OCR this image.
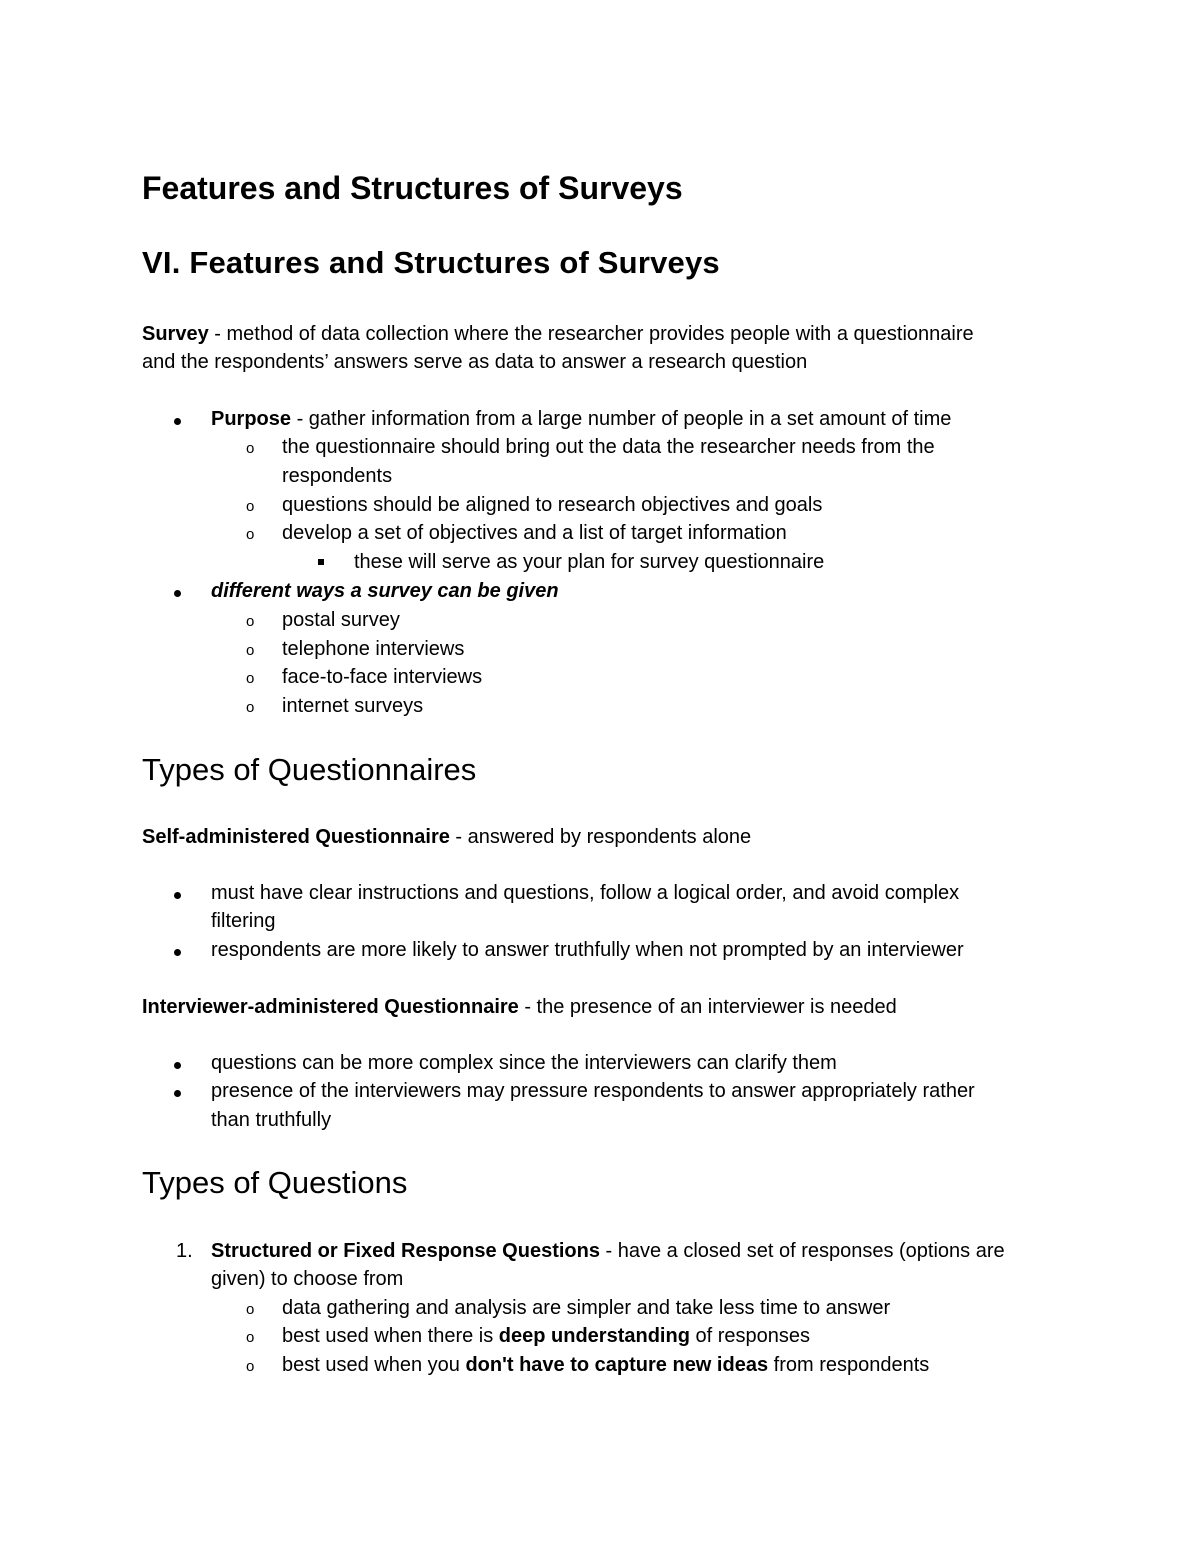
Features and Structures of Surveys
VI. Features and Structures of Surveys
Survey - method of data collection where the researcher provides people with a questionnaire
and the respondents’ answers serve as data to answer a research question
Purpose - gather information from a large number of people in a set amount of time
o the questionnaire should bring out the data the researcher needs from the
respondents
o questions should be aligned to research objectives and goals
o develop a set of objectives and a list of target information
these will serve as your plan for survey questionnaire
different ways a survey can be given
o postal survey
o telephone interviews
o face-to-face interviews
o internet surveys
Types of Questionnaires
Self-administered Questionnaire - answered by respondents alone
must have clear instructions and questions, follow a logical order, and avoid complex
filtering
respondents are more likely to answer truthfully when not prompted by an interviewer
Interviewer-administered Questionnaire - the presence of an interviewer is needed
questions can be more complex since the interviewers can clarify them
presence of the interviewers may pressure respondents to answer appropriately rather
than truthfully
Types of Questions
1. Structured or Fixed Response Questions - have a closed set of responses (options are
given) to choose from
o data gathering and analysis are simpler and take less time to answer
o best used when there is deep understanding of responses
o best used when you don't have to capture new ideas from respondents
